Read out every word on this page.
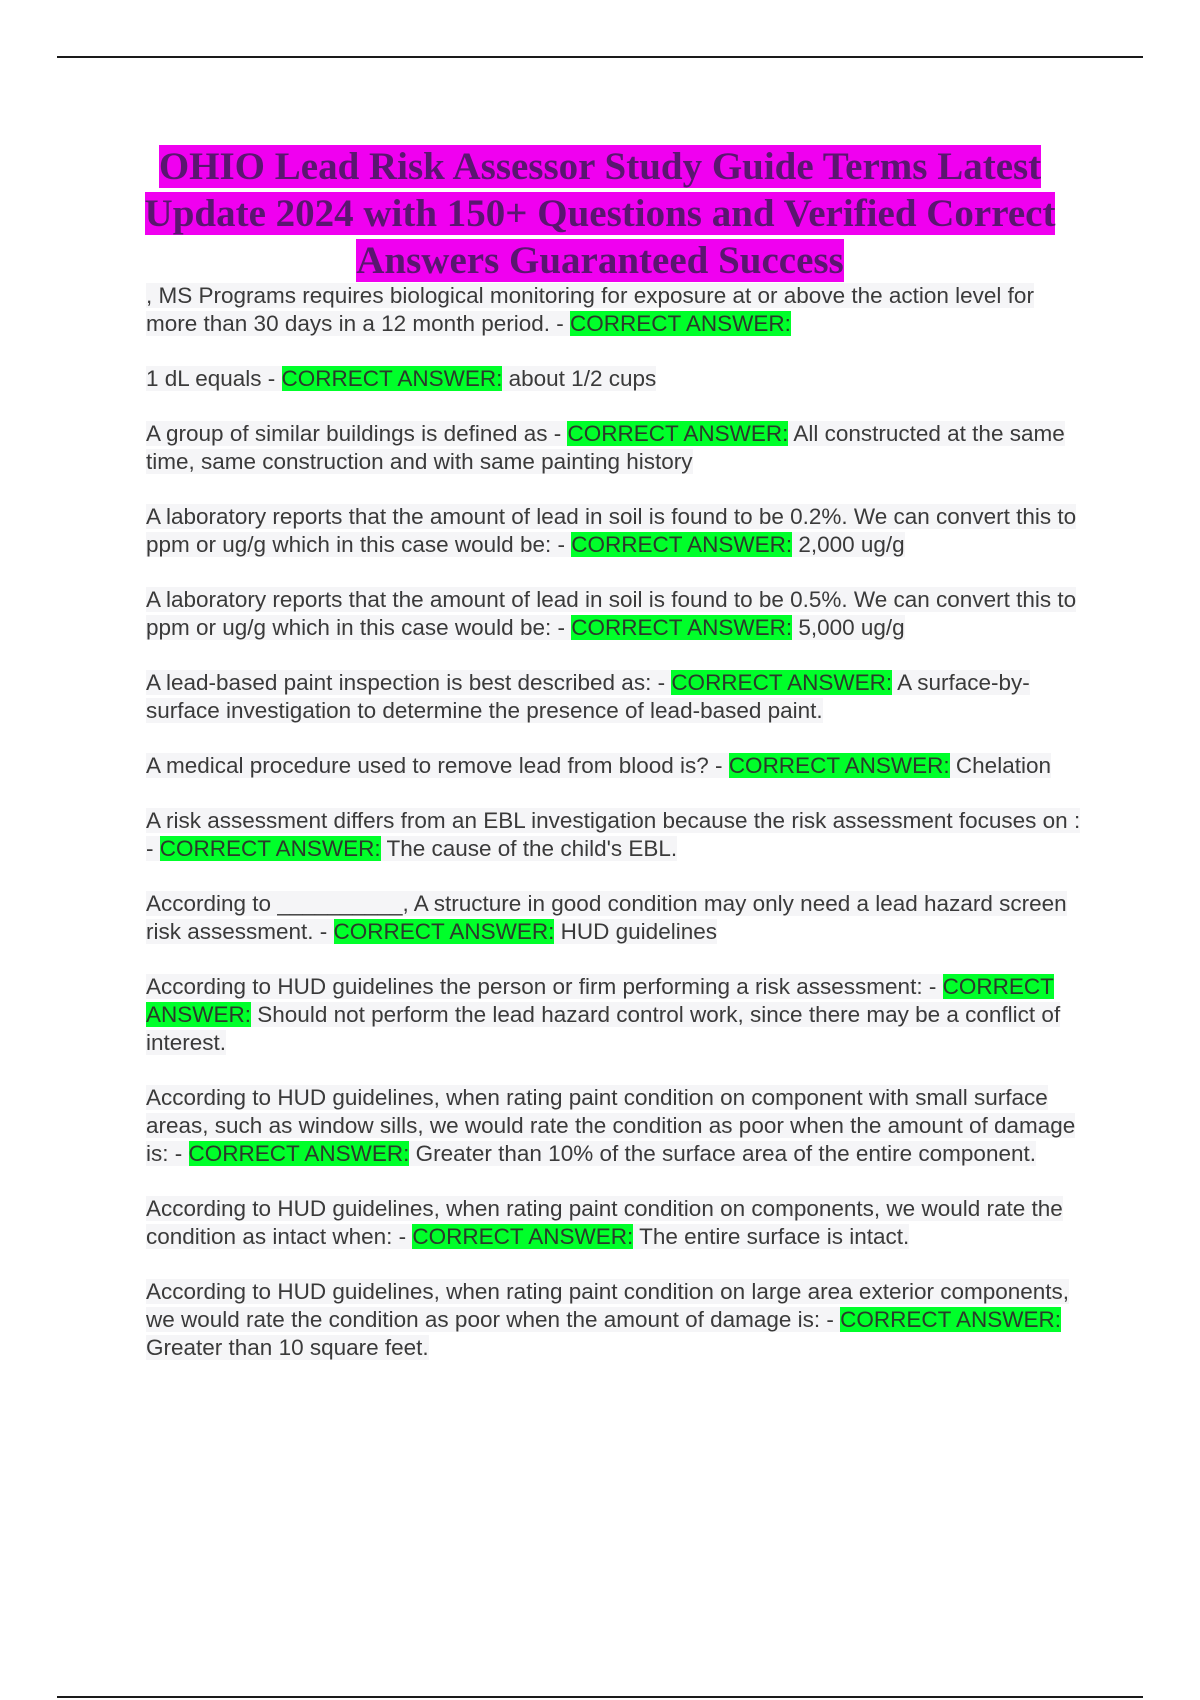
OHIO Lead Risk Assessor Study Guide Terms Latest Update 2024 with 150+ Questions and Verified Correct Answers Guaranteed Success

, MS Programs requires biological monitoring for exposure at or above the action level for more than 30 days in a 12 month period. - CORRECT ANSWER:

1 dL equals - CORRECT ANSWER: about 1/2 cups

A group of similar buildings is defined as - CORRECT ANSWER: All constructed at the same time, same construction and with same painting history

A laboratory reports that the amount of lead in soil is found to be 0.2%. We can convert this to ppm or ug/g which in this case would be: - CORRECT ANSWER: 2,000 ug/g

A laboratory reports that the amount of lead in soil is found to be 0.5%. We can convert this to ppm or ug/g which in this case would be: - CORRECT ANSWER: 5,000 ug/g

A lead-based paint inspection is best described as: - CORRECT ANSWER: A surface-by-surface investigation to determine the presence of lead-based paint.

A medical procedure used to remove lead from blood is? - CORRECT ANSWER: Chelation

A risk assessment differs from an EBL investigation because the risk assessment focuses on : - CORRECT ANSWER: The cause of the child's EBL.

According to __________, A structure in good condition may only need a lead hazard screen risk assessment. - CORRECT ANSWER: HUD guidelines

According to HUD guidelines the person or firm performing a risk assessment: - CORRECT ANSWER: Should not perform the lead hazard control work, since there may be a conflict of interest.

According to HUD guidelines, when rating paint condition on component with small surface areas, such as window sills, we would rate the condition as poor when the amount of damage is: - CORRECT ANSWER: Greater than 10% of the surface area of the entire component.

According to HUD guidelines, when rating paint condition on components, we would rate the condition as intact when: - CORRECT ANSWER: The entire surface is intact.

According to HUD guidelines, when rating paint condition on large area exterior components, we would rate the condition as poor when the amount of damage is: - CORRECT ANSWER: Greater than 10 square feet.
